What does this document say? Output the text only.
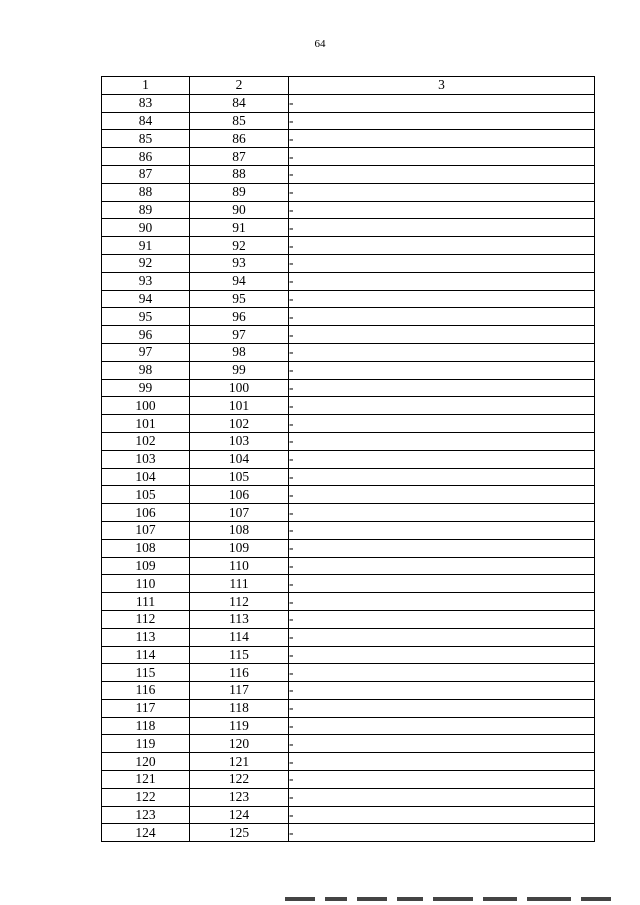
64
1	2	3
83	84	-
84	85	-
85	86	-
86	87	-
87	88	-
88	89	-
89	90	-
90	91	-
91	92	-
92	93	-
93	94	-
94	95	-
95	96	-
96	97	-
97	98	-
98	99	-
99	100	-
100	101	-
101	102	-
102	103	-
103	104	-
104	105	-
105	106	-
106	107	-
107	108	-
108	109	-
109	110	-
110	111	-
111	112	-
112	113	-
113	114	-
114	115	-
115	116	-
116	117	-
117	118	-
118	119	-
119	120	-
120	121	-
121	122	-
122	123	-
123	124	-
124	125	-
